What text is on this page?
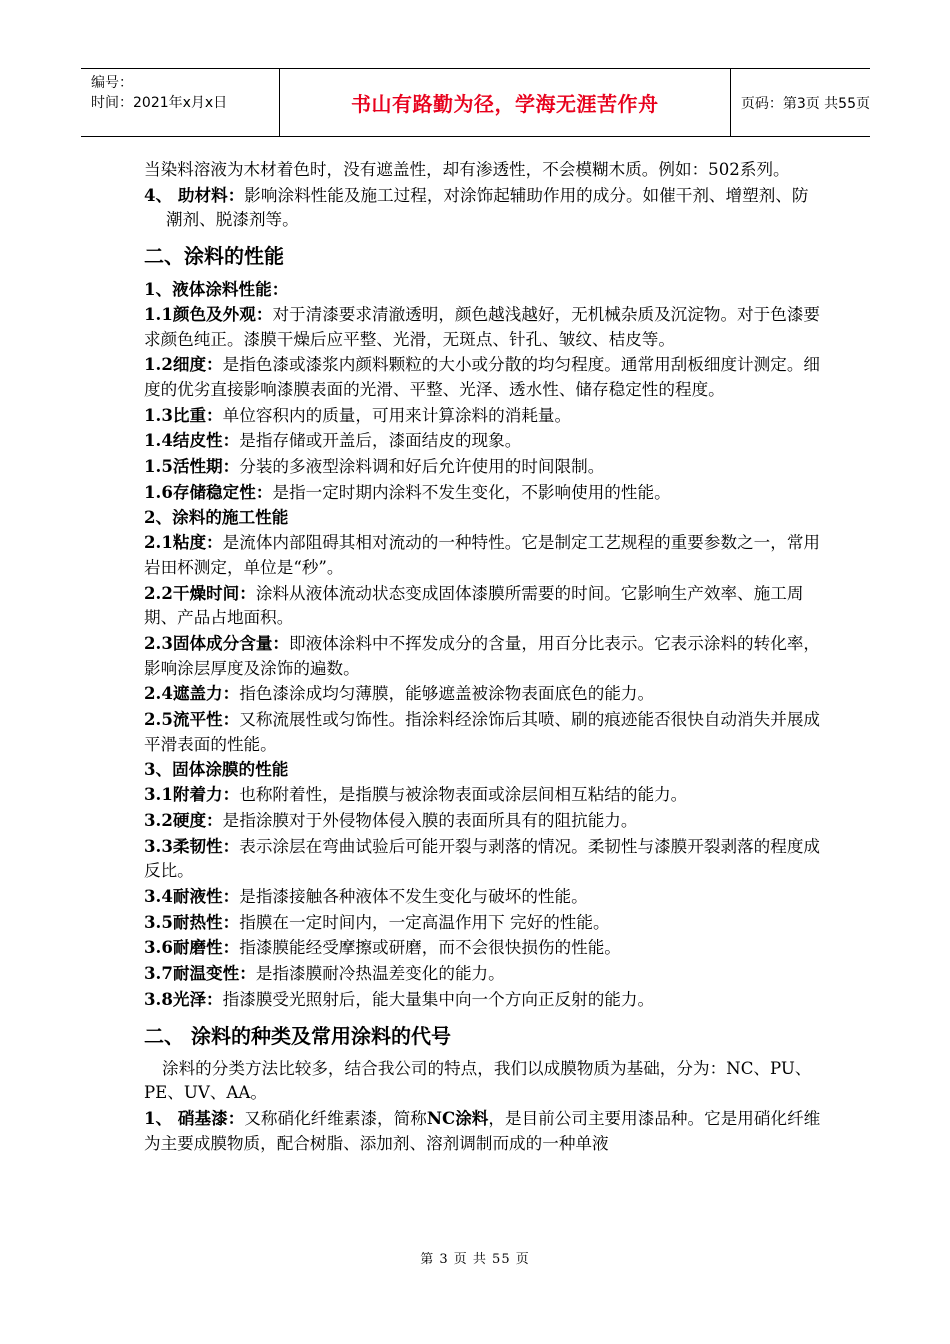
编号：
时间：2021年x月x日	书山有路勤为径，学海无涯苦作舟	页码：第3页 共55页

当染料溶液为木材着色时，没有遮盖性，却有渗透性，不会模糊木质。例如：502系列。

4、 助材料：影响涂料性能及施工过程，对涂饰起辅助作用的成分。如催干剂、增塑剂、防潮剂、脱漆剂等。

二、涂料的性能

1、液体涂料性能：

1.1颜色及外观：对于清漆要求清澈透明，颜色越浅越好，无机械杂质及沉淀物。对于色漆要求颜色纯正。漆膜干燥后应平整、光滑，无斑点、针孔、皱纹、桔皮等。

1.2细度：是指色漆或漆浆内颜料颗粒的大小或分散的均匀程度。通常用刮板细度计测定。细度的优劣直接影响漆膜表面的光滑、平整、光泽、透水性、储存稳定性的程度。

1.3比重：单位容积内的质量，可用来计算涂料的消耗量。

1.4结皮性：是指存储或开盖后，漆面结皮的现象。

1.5活性期：分装的多液型涂料调和好后允许使用的时间限制。

1.6存储稳定性：是指一定时期内涂料不发生变化，不影响使用的性能。

2、涂料的施工性能

2.1粘度：是流体内部阻碍其相对流动的一种特性。它是制定工艺规程的重要参数之一，常用岩田杯测定，单位是“秒”。

2.2干燥时间：涂料从液体流动状态变成固体漆膜所需要的时间。它影响生产效率、施工周期、产品占地面积。

2.3固体成分含量：即液体涂料中不挥发成分的含量，用百分比表示。它表示涂料的转化率，影响涂层厚度及涂饰的遍数。

2.4遮盖力：指色漆涂成均匀薄膜，能够遮盖被涂物表面底色的能力。

2.5流平性：又称流展性或匀饰性。指涂料经涂饰后其喷、刷的痕迹能否很快自动消失并展成平滑表面的性能。

3、固体涂膜的性能

3.1附着力：也称附着性，是指膜与被涂物表面或涂层间相互粘结的能力。

3.2硬度：是指涂膜对于外侵物体侵入膜的表面所具有的阻抗能力。

3.3柔韧性：表示涂层在弯曲试验后可能开裂与剥落的情况。柔韧性与漆膜开裂剥落的程度成反比。

3.4耐液性：是指漆接触各种液体不发生变化与破坏的性能。

3.5耐热性：指膜在一定时间内，一定高温作用下 完好的性能。

3.6耐磨性：指漆膜能经受摩擦或研磨，而不会很快损伤的性能。

3.7耐温变性：是指漆膜耐冷热温差变化的能力。

3.8光泽：指漆膜受光照射后，能大量集中向一个方向正反射的能力。

二、 涂料的种类及常用涂料的代号

涂料的分类方法比较多，结合我公司的特点，我们以成膜物质为基础，分为：NC、PU、PE、UV、AA。

1、 硝基漆：又称硝化纤维素漆，简称NC涂料，是目前公司主要用漆品种。它是用硝化纤维为主要成膜物质，配合树脂、添加剂、溶剂调制而成的一种单液

第 3 页 共 55 页
